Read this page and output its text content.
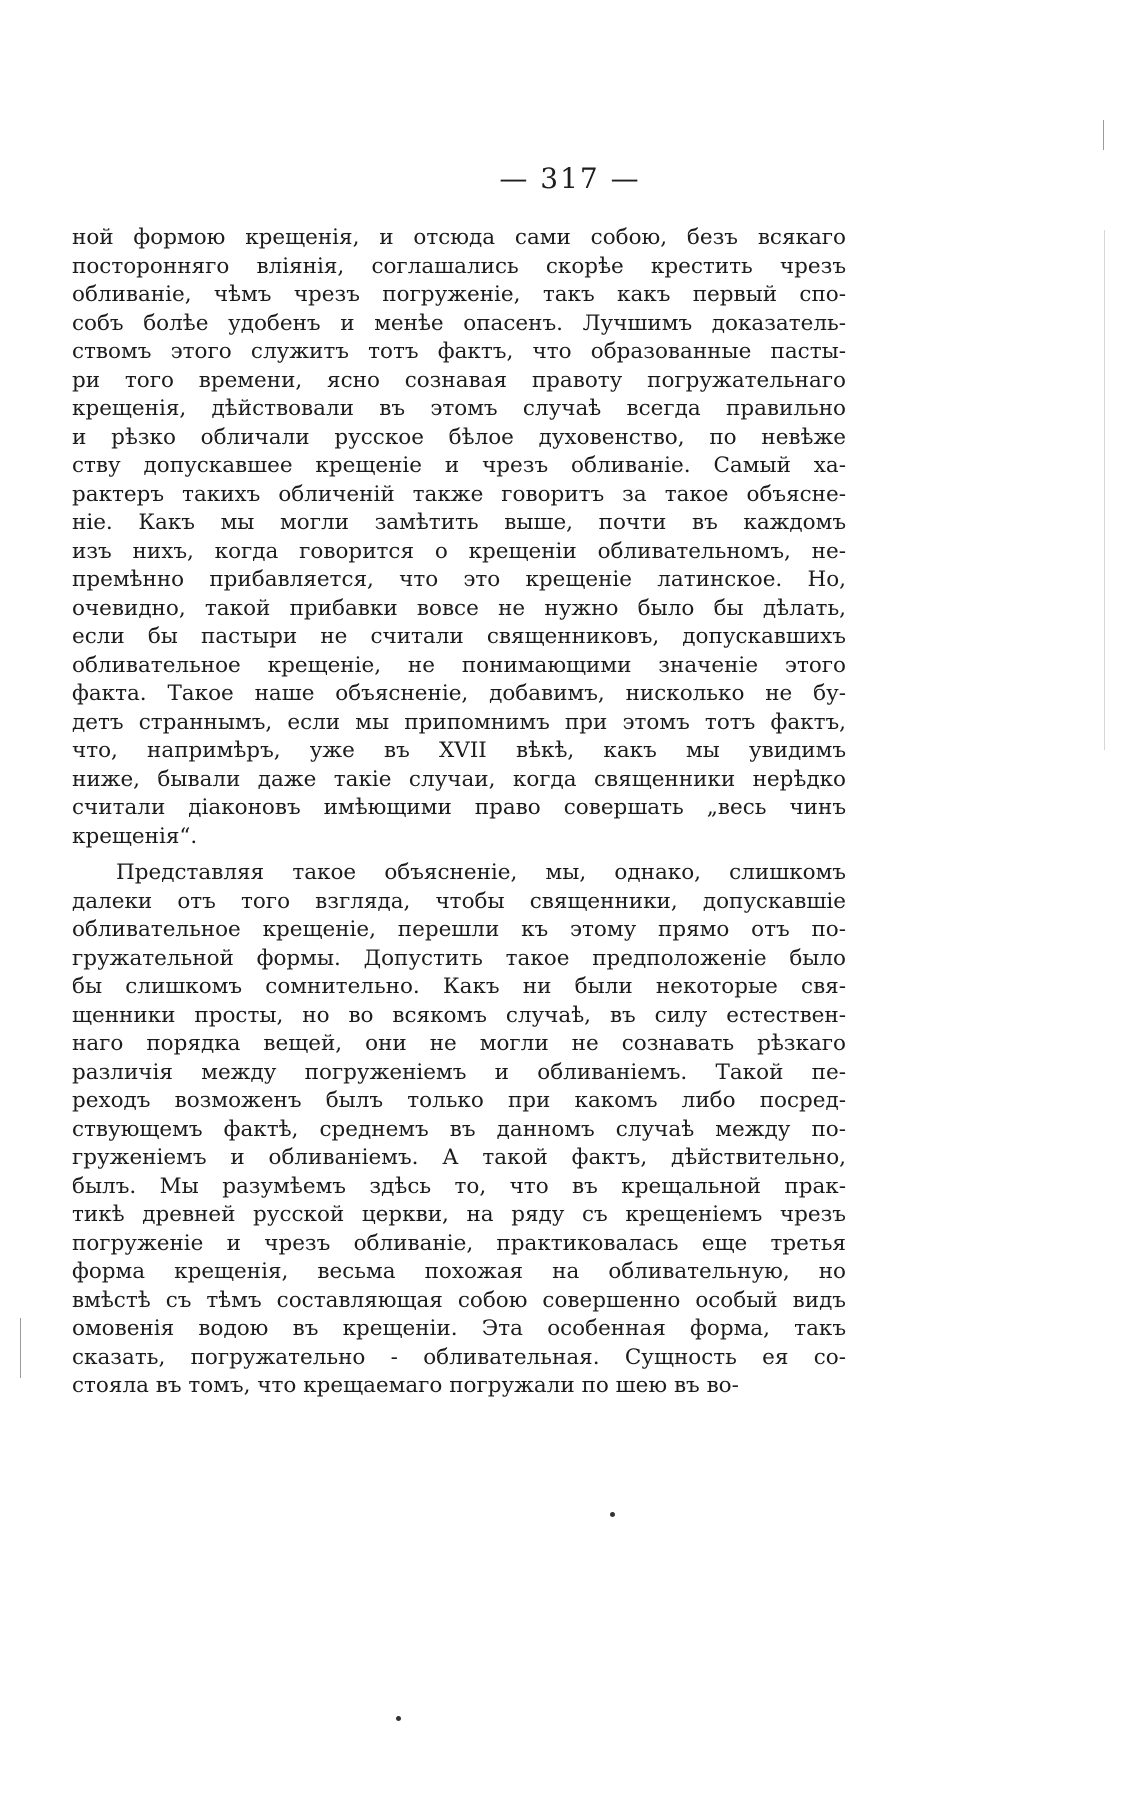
— 317 —
ной формою крещенія, и отсюда сами собою, безъ всякаго
посторонняго вліянія, соглашались скорѣе крестить чрезъ
обливаніе, чѣмъ чрезъ погруженіе, такъ какъ первый спо-
собъ болѣе удобенъ и менѣе опасенъ. Лучшимъ доказатель-
ствомъ этого служитъ тотъ фактъ, что образованные пасты-
ри того времени, ясно сознавая правоту погружательнаго
крещенія, дѣйствовали въ этомъ случаѣ всегда правильно
и рѣзко обличали русское бѣлое духовенство, по невѣже
ству допускавшее крещеніе и чрезъ обливаніе. Самый ха-
рактеръ такихъ обличеній также говоритъ за такое объясне-
ніе. Какъ мы могли замѣтить выше, почти въ каждомъ
изъ нихъ, когда говорится о крещеніи обливательномъ, не-
премѣнно прибавляется, что это крещеніе латинское. Но,
очевидно, такой прибавки вовсе не нужно было бы дѣлать,
если бы пастыри не считали священниковъ, допускавшихъ
обливательное крещеніе, не понимающими значеніе этого
факта. Такое наше объясненіе, добавимъ, нисколько не бу-
детъ страннымъ, если мы припомнимъ при этомъ тотъ фактъ,
что, напримѣръ, уже въ XVII вѣкѣ, какъ мы увидимъ
ниже, бывали даже такіе случаи, когда священники нерѣдко
считали діаконовъ имѣющими право совершать „весь чинъ
крещенія“.
Представляя такое объясненіе, мы, однако, слишкомъ
далеки отъ того взгляда, чтобы священники, допускавшіе
обливательное крещеніе, перешли къ этому прямо отъ по-
гружательной формы. Допустить такое предположеніе было
бы слишкомъ сомнительно. Какъ ни были некоторые свя-
щенники просты, но во всякомъ случаѣ, въ силу естествен-
наго порядка вещей, они не могли не сознавать рѣзкаго
различія между погруженіемъ и обливаніемъ. Такой пе-
реходъ возможенъ былъ только при какомъ либо посред-
ствующемъ фактѣ, среднемъ въ данномъ случаѣ между по-
груженіемъ и обливаніемъ. А такой фактъ, дѣйствительно,
былъ. Мы разумѣемъ здѣсь то, что въ крещальной прак-
тикѣ древней русской церкви, на ряду съ крещеніемъ чрезъ
погруженіе и чрезъ обливаніе, практиковалась еще третья
форма крещенія, весьма похожая на обливательную, но
вмѣстѣ съ тѣмъ составляющая собою совершенно особый видъ
омовенія водою въ крещеніи. Эта особенная форма, такъ
сказать, погружательно - обливательная. Сущность ея со-
стояла въ томъ, что крещаемаго погружали по шею въ во-
